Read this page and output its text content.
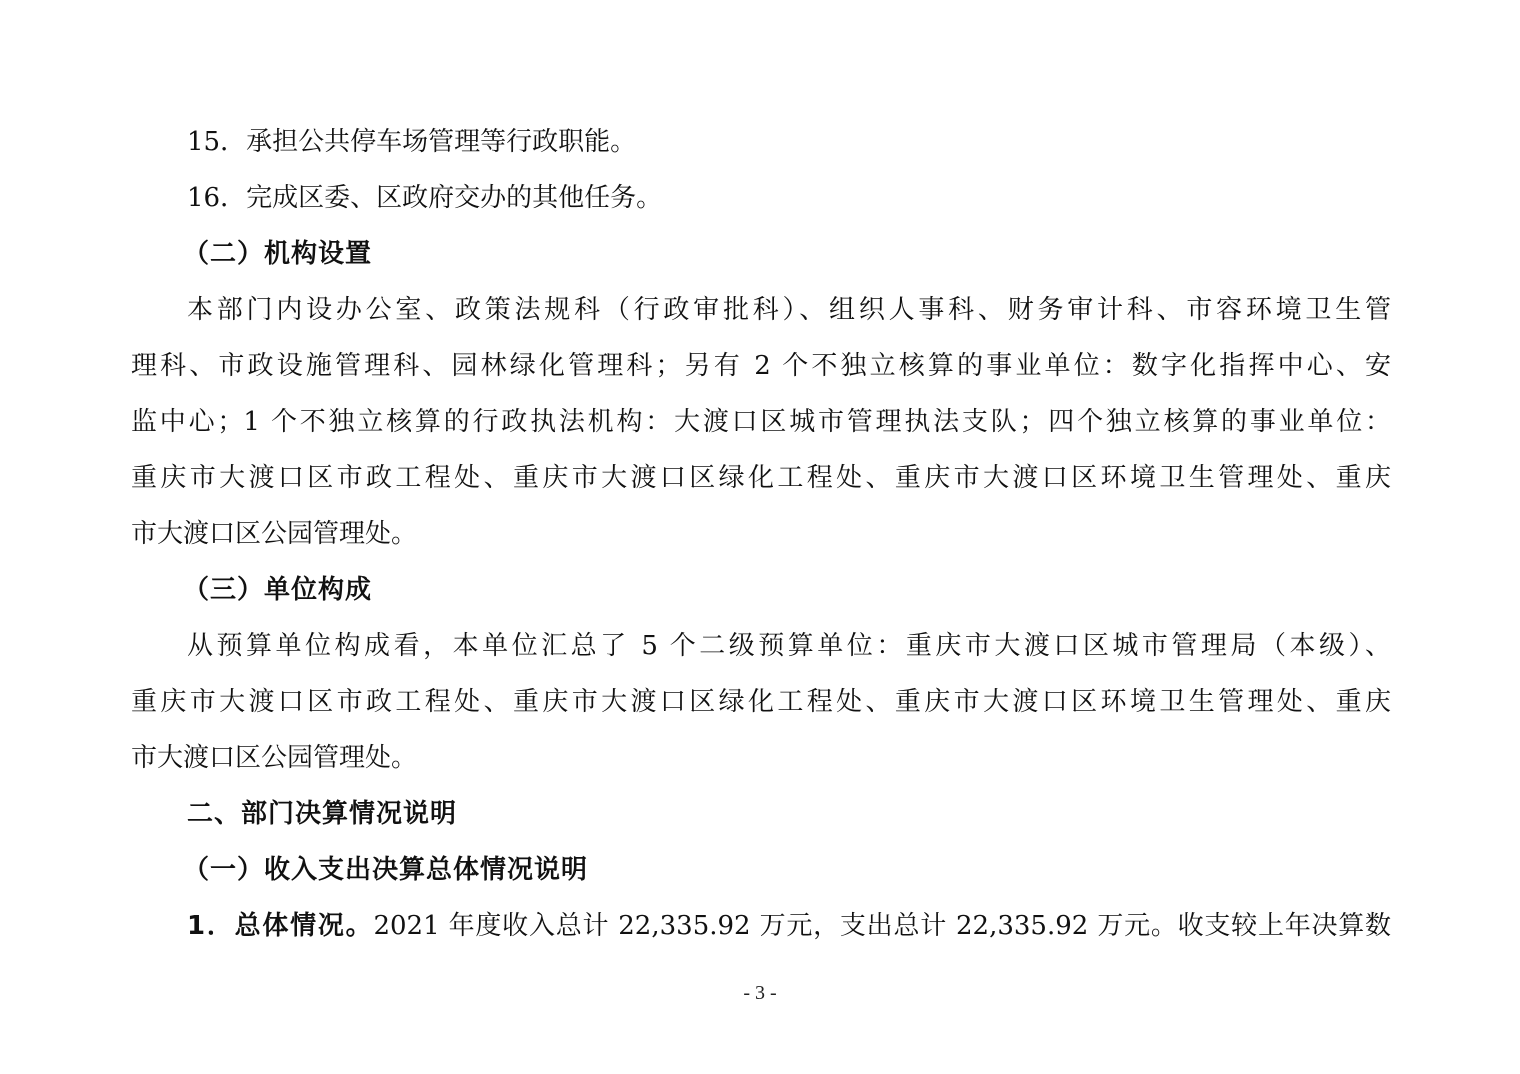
15．承担公共停车场管理等行政职能。
16．完成区委、区政府交办的其他任务。
（二）机构设置
本部门内设办公室、政策法规科（行政审批科）、组织人事科、财务审计科、市容环境卫生管
理科、市政设施管理科、园林绿化管理科；另有 2 个不独立核算的事业单位：数字化指挥中心、安
监中心；1 个不独立核算的行政执法机构：大渡口区城市管理执法支队；四个独立核算的事业单位：
重庆市大渡口区市政工程处、重庆市大渡口区绿化工程处、重庆市大渡口区环境卫生管理处、重庆
市大渡口区公园管理处。
（三）单位构成
从预算单位构成看，本单位汇总了 5 个二级预算单位：重庆市大渡口区城市管理局（本级）、
重庆市大渡口区市政工程处、重庆市大渡口区绿化工程处、重庆市大渡口区环境卫生管理处、重庆
市大渡口区公园管理处。
二、部门决算情况说明
（一）收入支出决算总体情况说明
1．总体情况。2021 年度收入总计 22,335.92 万元，支出总计 22,335.92 万元。收支较上年决算数
- 3 -
